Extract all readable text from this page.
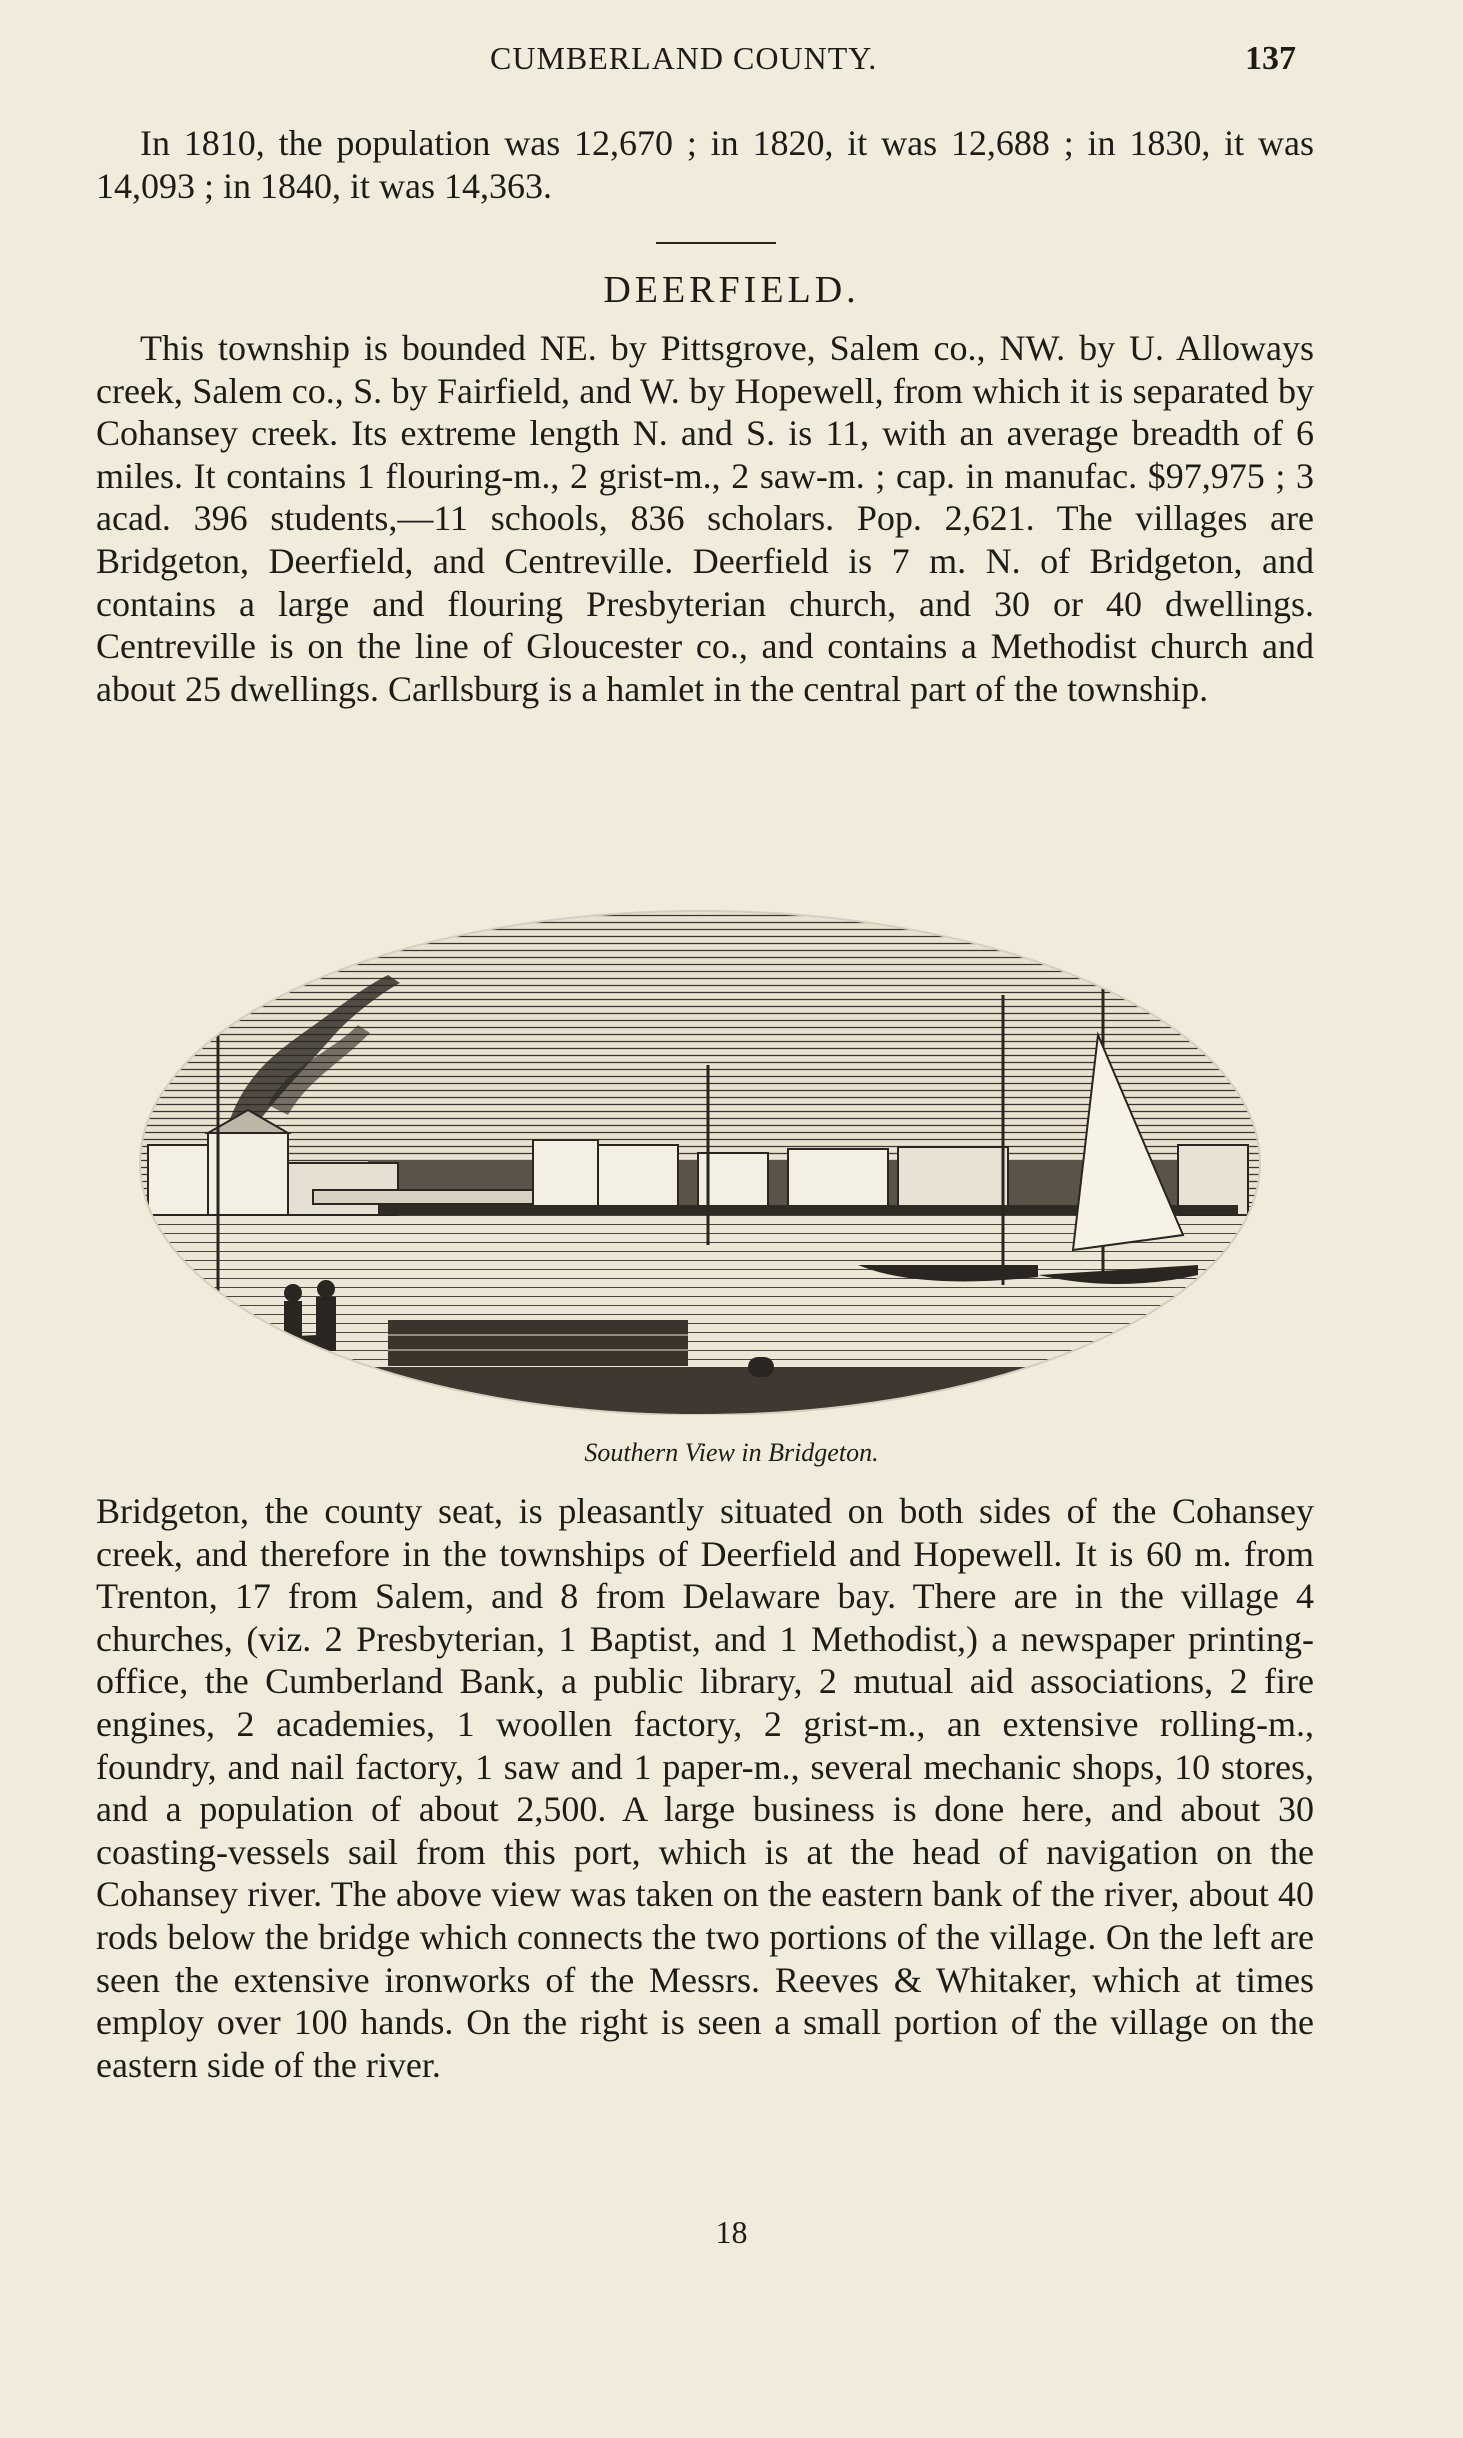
CUMBERLAND COUNTY.	137

In 1810, the population was 12,670 ; in 1820, it was 12,688 ; in 1830, it was 14,093 ; in 1840, it was 14,363.

DEERFIELD.

This township is bounded NE. by Pittsgrove, Salem co., NW. by U. Alloways creek, Salem co., S. by Fairfield, and W. by Hopewell, from which it is separated by Cohansey creek. Its extreme length N. and S. is 11, with an average breadth of 6 miles. It contains 1 flouring-m., 2 grist-m., 2 saw-m. ; cap. in manufac. $97,975 ; 3 acad. 396 students,—11 schools, 836 scholars. Pop. 2,621. The villages are Bridgeton, Deerfield, and Centreville. Deerfield is 7 m. N. of Bridgeton, and contains a large and flouring Presbyterian church, and 30 or 40 dwellings. Centreville is on the line of Gloucester co., and contains a Methodist church and about 25 dwellings. Carllsburg is a hamlet in the central part of the township.

Southern View in Bridgeton.

Bridgeton, the county seat, is pleasantly situated on both sides of the Cohansey creek, and therefore in the townships of Deerfield and Hopewell. It is 60 m. from Trenton, 17 from Salem, and 8 from Delaware bay. There are in the village 4 churches, (viz. 2 Presbyterian, 1 Baptist, and 1 Methodist,) a newspaper printing-office, the Cumberland Bank, a public library, 2 mutual aid associations, 2 fire engines, 2 academies, 1 woollen factory, 2 grist-m., an extensive rolling-m., foundry, and nail factory, 1 saw and 1 paper-m., several mechanic shops, 10 stores, and a population of about 2,500. A large business is done here, and about 30 coasting-vessels sail from this port, which is at the head of navigation on the Cohansey river. The above view was taken on the eastern bank of the river, about 40 rods below the bridge which connects the two portions of the village. On the left are seen the extensive ironworks of the Messrs. Reeves & Whitaker, which at times employ over 100 hands. On the right is seen a small portion of the village on the eastern side of the river.

18
